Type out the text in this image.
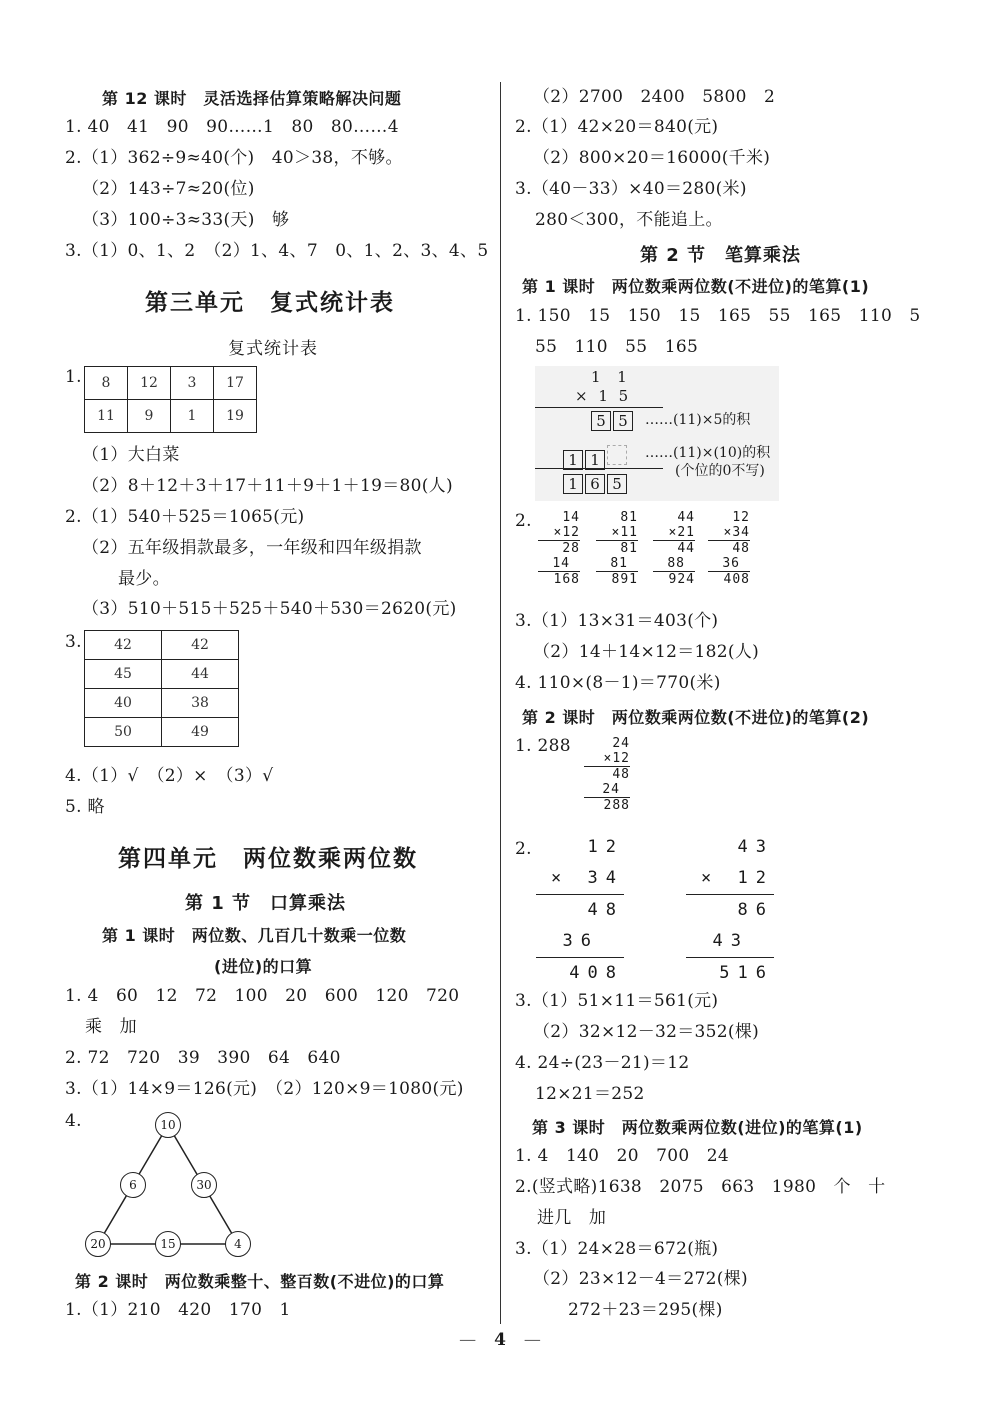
第 12 课时　灵活选择估算策略解决问题
1. 40　41　90　90……1　80　80……4
2.（1）362÷9≈40(个)　40＞38，不够。
（2）143÷7≈20(位)
（3）100÷3≈33(天)　够
3.（1）0、1、2　（2）1、4、7　0、1、2、3、4、5
第三单元　复式统计表
复式统计表
1. 8	12	3	17
11	9	1	19
（1）大白菜
（2）8＋12＋3＋17＋11＋9＋1＋19＝80(人)
2.（1）540＋525＝1065(元)
（2）五年级捐款最多，一年级和四年级捐款
最少。
（3）510＋515＋525＋540＋530＝2620(元)
3. 42	42
45	44
40	38
50	49
4.（1）√　（2）×　（3）√
5. 略
第四单元　两位数乘两位数
第 1 节　口算乘法
第 1 课时　两位数、几百几十数乘一位数
(进位)的口算
1. 4　60　12　72　100　20　600　120　720
乘　加
2. 72　720　39　390　64　640
3.（1）14×9＝126(元)　（2）120×9＝1080(元)
4.	10
6	30
20	15	4
第 2 课时　两位数乘整十、整百数(不进位)的口算
1.（1）210　420　170　1
（2）2700　2400　5800　2
2.（1）42×20＝840(元)
（2）800×20＝16000(千米)
3.（40－33）×40＝280(米)
280＜300，不能追上。
第 2 节　笔算乘法
第 1 课时　两位数乘两位数(不进位)的笔算(1)
1. 150　15　150　15　165　55　165　110　5
55　110　55　165
1 1
× 1 5
5 5	……(11)×5的积
1 1	……(11)×(10)的积
(个位的0不写)
1 6 5
2.	14
×12
28
14
168
81
×11
81
81
891
44
×21
44
88
924
12
×34
48
36
408
3.（1）13×31＝403(个)
（2）14＋14×12＝182(人)
4. 110×(8－1)＝770(米)
第 2 课时　两位数乘两位数(不进位)的笔算(2)
1. 288	24
×12
48
24
288
2.	12
× 34
48
36
408
43
× 12
86
43
516
3.（1）51×11＝561(元)
（2）32×12－32＝352(棵)
4. 24÷(23－21)＝12
12×21＝252
第 3 课时　两位数乘两位数(进位)的笔算(1)
1. 4　140　20　700　24
2.(竖式略)1638　2075　663　1980　个　十
进几　加
3.（1）24×28＝672(瓶)
（2）23×12－4＝272(棵)
272＋23＝295(棵)
— 4 —
